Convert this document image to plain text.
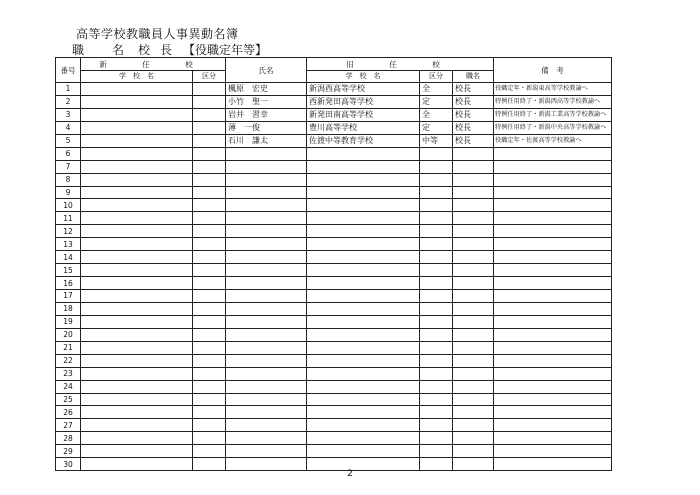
高等学校教職員人事異動名簿
職 名 校 長 【役職定年等】
番号	新　任　校		氏名	旧　任　校			備　考
	学　校　名	区分		学　校　名	区分	職名	
1			楓原　宏史	新潟西高等学校	全	校長	役職定年・新潟東高等学校教諭へ
2			小竹　聖一	西新発田高等学校	定	校長	特例任用終了・新潟西高等学校教諭へ
3			岩井　習幸	新発田南高等学校	全	校長	特例任用終了・新潟工業高等学校教諭へ
4			薄　一俊	豊川高等学校	定	校長	特例任用終了・新潟中央高等学校教諭へ
5			石川　謙太	佐渡中等教育学校	中等	校長	役職定年・佐渡高等学校教諭へ
6							
7							
8							
9							
10							
11							
12							
13							
14							
15							
16							
17							
18							
19							
20							
21							
22							
23							
24							
25							
26							
27							
28							
29							
30							
2
